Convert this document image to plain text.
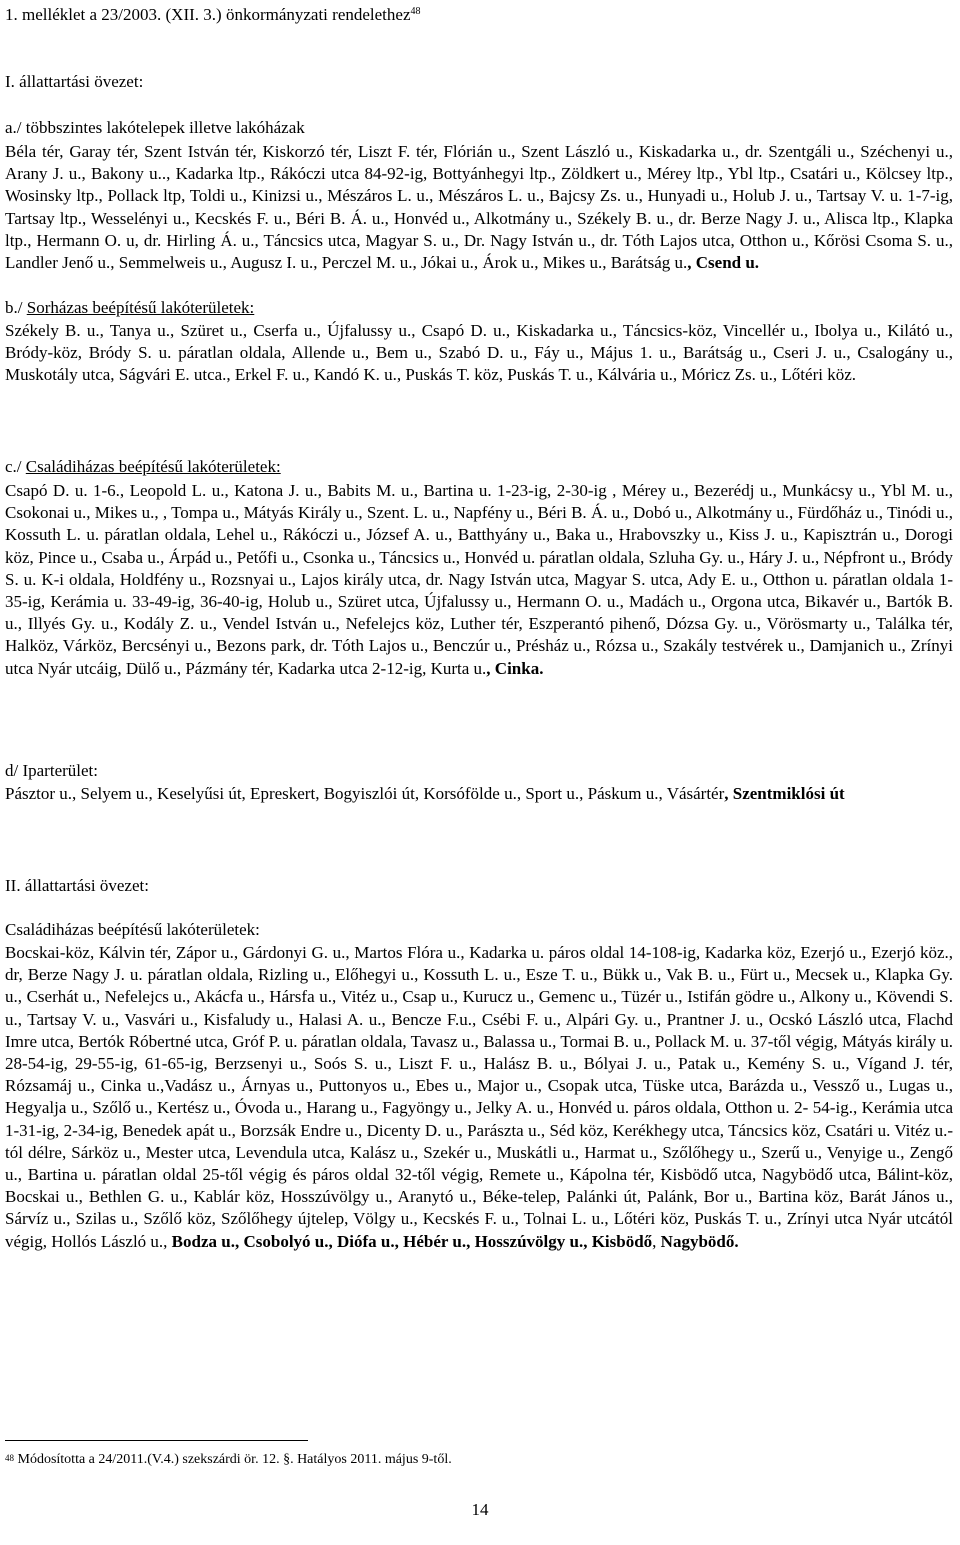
1. melléklet a 23/2003. (XII. 3.) önkormányzati rendelethez$^{48}$

I. állattartási övezet:

a./ többszintes lakótelepek illetve lakóházak

Béla tér, Garay tér, Szent István tér, Kiskorzó tér, Liszt F. tér, Flórián u., Szent László u., Kiskadarka u., dr. Szentgáli u., Széchenyi u., Arany J. u., Bakony u.., Kadarka ltp., Rákóczi utca 84-92-ig, Bottyánhegyi ltp., Zöldkert u., Mérey ltp., Ybl ltp., Csatári u., Kölcsey ltp., Wosinsky ltp., Pollack ltp, Toldi u., Kinizsi u., Mészáros L. u., Mészáros L. u., Bajcsy Zs. u., Hunyadi u., Holub J. u., Tartsay V. u. 1-7-ig, Tartsay ltp., Wesselényi u., Kecskés F. u., Béri B. Á. u., Honvéd u., Alkotmány u., Székely B. u., dr. Berze Nagy J. u., Alisca ltp., Klapka ltp., Hermann O. u, dr. Hirling Á. u., Táncsics utca, Magyar S. u., Dr. Nagy István u., dr. Tóth Lajos utca, Otthon u., Kőrösi Csoma S. u., Landler Jenő u., Semmelweis u., Augusz I. u., Perczel M. u., Jókai u., Árok u., Mikes u., Barátság u., Csend u.

b./ Sorházas beépítésű lakóterületek:

Székely B. u., Tanya u., Szüret u., Cserfa u., Újfalussy u., Csapó D. u., Kiskadarka u., Táncsics-köz, Vincellér u., Ibolya u., Kilátó u., Bródy-köz, Bródy S. u. páratlan oldala, Allende u., Bem u., Szabó D. u., Fáy u., Május 1. u., Barátság u., Cseri J. u., Csalogány u., Muskotály utca, Ságvári E. utca., Erkel F. u., Kandó K. u., Puskás T. köz, Puskás T. u., Kálvária u., Móricz Zs. u., Lőtéri köz.

c./ Családiházas beépítésű lakóterületek:

Csapó D. u. 1-6., Leopold L. u., Katona J. u., Babits M. u., Bartina u. 1-23-ig, 2-30-ig , Mérey u., Bezerédj u., Munkácsy u., Ybl M. u., Csokonai u., Mikes u., , Tompa u., Mátyás Király u., Szent. L. u., Napfény u., Béri B. Á. u., Dobó u., Alkotmány u., Fürdőház u., Tinódi u., Kossuth L. u. páratlan oldala, Lehel u., Rákóczi u., József A. u., Batthyány u., Baka u., Hrabovszky u., Kiss J. u., Kapisztrán u., Dorogi köz, Pince u., Csaba u., Árpád u., Petőfi u., Csonka u., Táncsics u., Honvéd u. páratlan oldala, Szluha Gy. u., Háry J. u., Népfront u., Bródy S. u. K-i oldala, Holdfény u., Rozsnyai u., Lajos király utca, dr. Nagy István utca, Magyar S. utca, Ady E. u., Otthon u. páratlan oldala 1-35-ig, Kerámia u. 33-49-ig, 36-40-ig, Holub u., Szüret utca, Újfalussy u., Hermann O. u., Madách u., Orgona utca, Bikavér u., Bartók B. u., Illyés Gy. u., Kodály Z. u., Vendel István u., Nefelejcs köz, Luther tér, Eszperantó pihenő, Dózsa Gy. u., Vörösmarty u., Találka tér, Halköz, Várköz, Bercsényi u., Bezons park, dr. Tóth Lajos u., Benczúr u., Présház u., Rózsa u., Szakály testvérek u., Damjanich u., Zrínyi utca Nyár utcáig, Dülő u., Pázmány tér, Kadarka utca 2-12-ig, Kurta u., Cinka.

d/ Iparterület:

Pásztor u., Selyem u., Keselyűsi út, Epreskert, Bogyiszlói út, Korsófölde u., Sport u., Páskum u., Vásártér, Szentmiklósi út

II. állattartási övezet:

Családiházas beépítésű lakóterületek:

Bocskai-köz, Kálvin tér, Zápor u., Gárdonyi G. u., Martos Flóra u., Kadarka u. páros oldal 14-108-ig, Kadarka köz, Ezerjó u., Ezerjó köz., dr, Berze Nagy J. u. páratlan oldala, Rizling u., Előhegyi u., Kossuth L. u., Esze T. u., Bükk u., Vak B. u., Fürt u., Mecsek u., Klapka Gy. u., Cserhát u., Nefelejcs u., Akácfa u., Hársfa u., Vitéz u., Csap u., Kurucz u., Gemenc u., Tüzér u., Istifán gödre u., Alkony u., Kövendi S. u., Tartsay V. u., Vasvári u., Kisfaludy u., Halasi A. u., Bencze F.u., Csébi F. u., Alpári Gy. u., Prantner J. u., Ocskó László utca, Flachd Imre utca, Bertók Róbertné utca, Gróf P. u. páratlan oldala, Tavasz u., Balassa u., Tormai B. u., Pollack M. u. 37-től végig, Mátyás király u. 28-54-ig, 29-55-ig, 61-65-ig, Berzsenyi u., Soós S. u., Liszt F. u., Halász B. u., Bólyai J. u., Patak u., Kemény S. u., Vígand J. tér, Rózsamáj u., Cinka u.,Vadász u., Árnyas u., Puttonyos u., Ebes u., Major u., Csopak utca, Tüske utca, Barázda u., Vessző u., Lugas u., Hegyalja u., Szőlő u., Kertész u., Óvoda u., Harang u., Fagyöngy u., Jelky A. u., Honvéd u. páros oldala, Otthon u. 2- 54-ig., Kerámia utca 1-31-ig, 2-34-ig, Benedek apát u., Borzsák Endre u., Dicenty D. u., Parászta u., Séd köz, Kerékhegy utca, Táncsics köz, Csatári u. Vitéz u.-tól délre, Sárköz u., Mester utca, Levendula utca, Kalász u., Szekér u., Muskátli u., Harmat u., Szőlőhegy u., Szerű u., Venyige u., Zengő u., Bartina u. páratlan oldal 25-től végig és páros oldal 32-től végig, Remete u., Kápolna tér, Kisbödő utca, Nagybödő utca, Bálint-köz, Bocskai u., Bethlen G. u., Kablár köz, Hosszúvölgy u., Aranytó u., Béke-telep, Palánki út, Palánk, Bor u., Bartina köz, Barát János u., Sárvíz u., Szilas u., Szőlő köz, Szőlőhegy újtelep, Völgy u., Kecskés F. u., Tolnai L. u., Lőtéri köz, Puskás T. u., Zrínyi utca Nyár utcától végig, Hollós László u., Bodza u., Csobolyó u., Diófa u., Hébér u., Hosszúvölgy u., Kisbödő, Nagybödő.

$^{48}$ Módosította a 24/2011.(V.4.) szekszárdi ör. 12. §. Hatályos 2011. május 9-től.

14
